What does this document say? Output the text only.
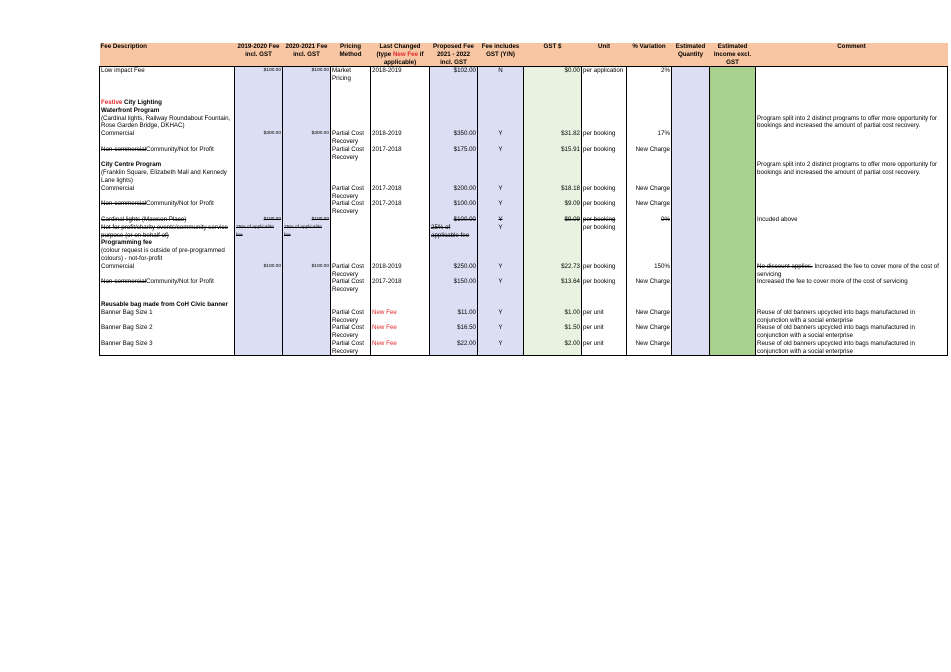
Fee Description	2019-2020 Fee incl. GST	2020-2021 Fee incl. GST	Pricing Method	Last Changed (type New Fee if applicable)	Proposed Fee 2021 - 2022 incl. GST	Fee includes GST (Y/N)	GST $	Unit	% Variation	Estimated Quantity	Estimated Income excl. GST	Comment
Low impact Fee	$100.00	$100.00	Market Pricing	2018-2019	$102.00	N	$0.00	per application	2%			

Festive City Lighting
Waterfront Program
(Cardinal lights, Railway Roundabout Fountain, Rose Garden Bridge, DKHAC)												Program split into 2 distinct programs to offer more opportunity for bookings and increased the amount of partial cost recovery.
Commercial	$300.00	$300.00	Partial Cost Recovery	2018-2019	$350.00	Y	$31.82	per booking	17%			
Non-commercialCommunity/Not for Profit			Partial Cost Recovery	2017-2018	$175.00	Y	$15.91	per booking	New Charge			
City Centre Program
(Franklin Square, Elizabeth Mall and Kennedy Lane lights)												Program split into 2 distinct programs to offer more opportunity for bookings and increased the amount of partial cost recovery.
Commercial			Partial Cost Recovery	2017-2018	$200.00	Y	$18.18	per booking	New Charge			
Non-commercialCommunity/Not for Profit			Partial Cost Recovery	2017-2018	$100.00	Y	$9.09	per booking	New Charge			
Cardinal lights (Mawson Place)	$100.00	$100.00			$100.00	Y	$9.09	per booking	0%			Incuded above
Not for profit/charity events/community service purpose (or on behalf of)	25% of applicable fee	25% of applicable fee			25% of applicable fee	Y		per booking				
Programming fee
(colour request is outside of pre-programmed colours) - not-for-profit												
Commercial	$100.00	$100.00	Partial Cost Recovery	2018-2019	$250.00	Y	$22.73	per booking	150%			No discount applies. Increased the fee to cover more of the cost of servicing
Non-commercialCommunity/Not for Profit			Partial Cost Recovery	2017-2018	$150.00	Y	$13.64	per booking	New Charge			Increased the fee to cover more of the cost of servicing

Reusable bag made from CoH Civic banner												
Banner Bag Size 1			Partial Cost Recovery	New Fee	$11.00	Y	$1.00	per unit	New Charge			Reuse of old banners upcycled into bags manufactured in conjunction with a social enterprise
Banner Bag Size 2			Partial Cost Recovery	New Fee	$16.50	Y	$1.50	per unit	New Charge			Reuse of old banners upcycled into bags manufactured in conjunction with a social enterprise
Banner Bag Size 3			Partial Cost Recovery	New Fee	$22.00	Y	$2.00	per unit	New Charge			Reuse of old banners upcycled into bags manufactured in conjunction with a social enterprise
